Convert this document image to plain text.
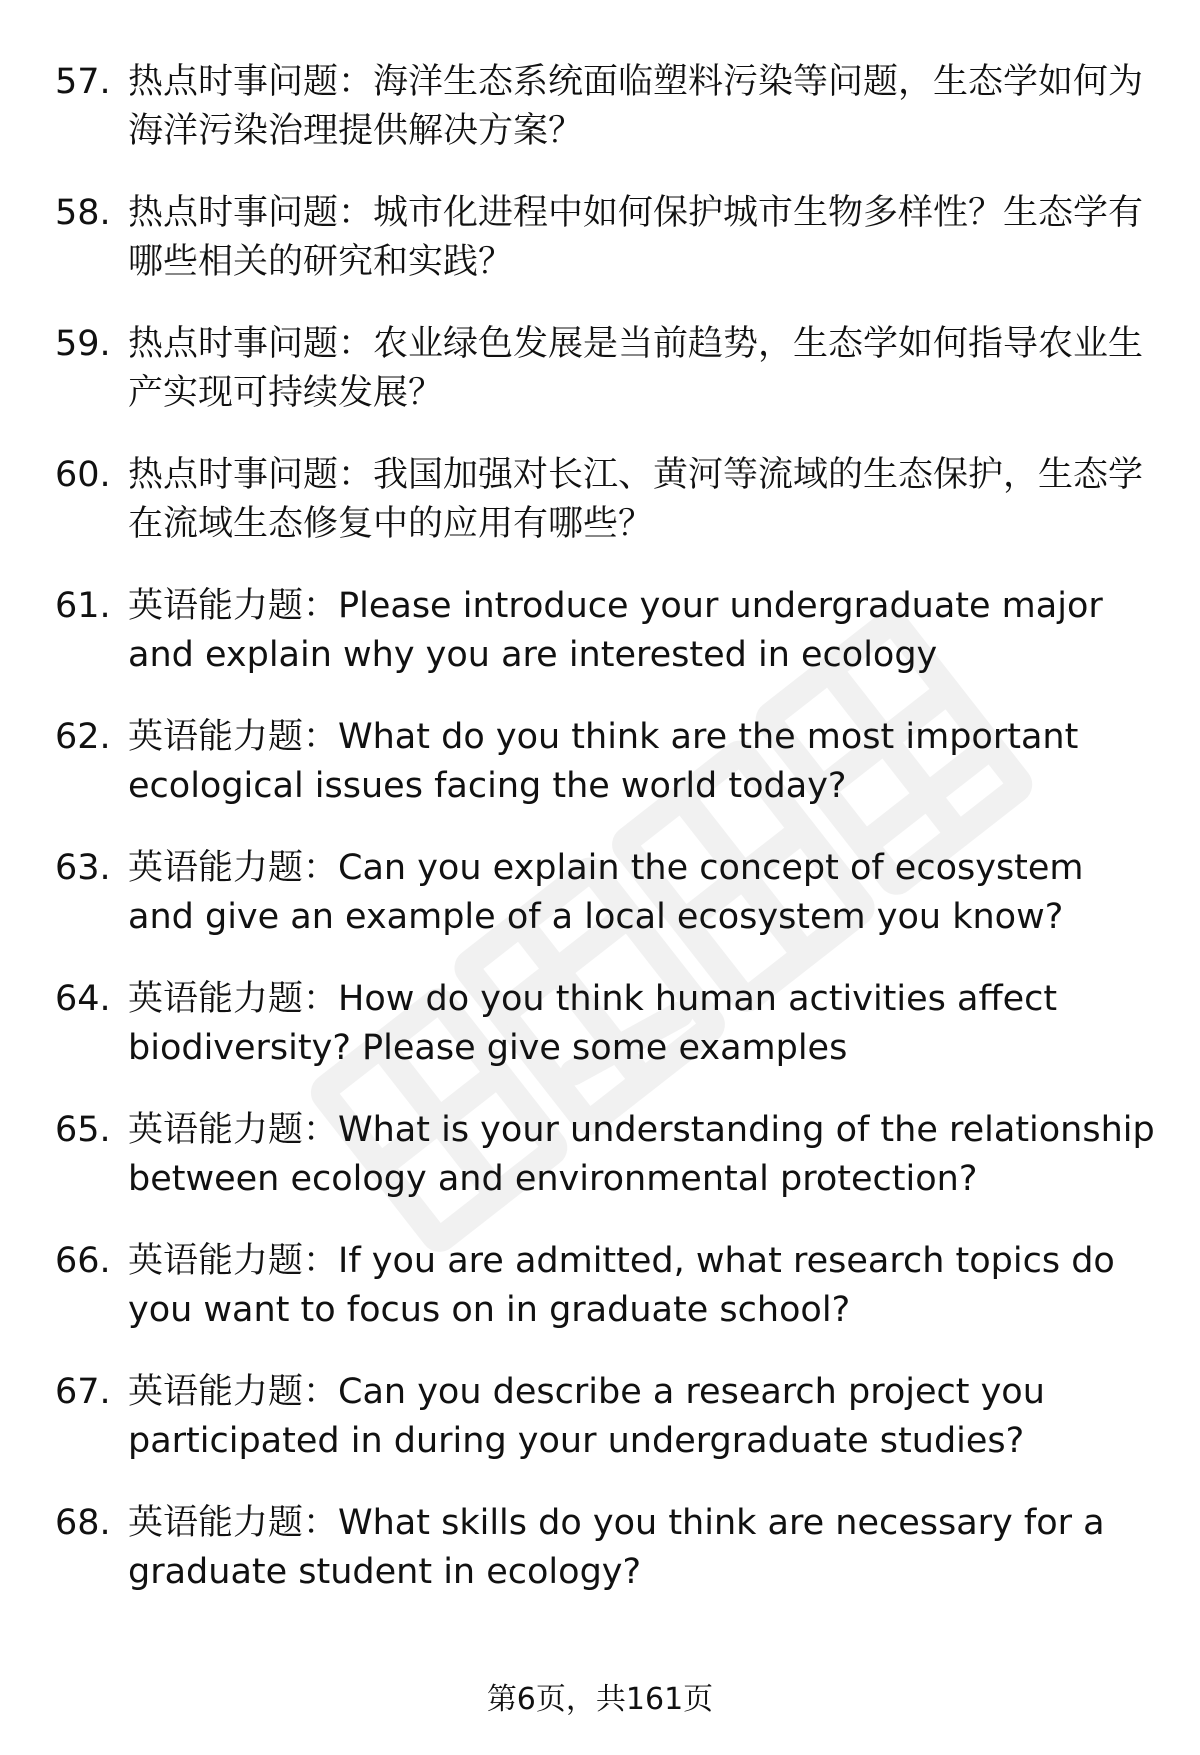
57. 热点时事问题：海洋生态系统面临塑料污染等问题，生态学如何为海洋污染治理提供解决方案？
58. 热点时事问题：城市化进程中如何保护城市生物多样性？生态学有哪些相关的研究和实践？
59. 热点时事问题：农业绿色发展是当前趋势，生态学如何指导农业生产实现可持续发展？
60. 热点时事问题：我国加强对长江、黄河等流域的生态保护，生态学在流域生态修复中的应用有哪些？
61. 英语能力题：Please introduce your undergraduate major and explain why you are interested in ecology
62. 英语能力题：What do you think are the most important ecological issues facing the world today?
63. 英语能力题：Can you explain the concept of ecosystem and give an example of a local ecosystem you know?
64. 英语能力题：How do you think human activities affect biodiversity? Please give some examples
65. 英语能力题：What is your understanding of the relationship between ecology and environmental protection?
66. 英语能力题：If you are admitted, what research topics do you want to focus on in graduate school?
67. 英语能力题：Can you describe a research project you participated in during your undergraduate studies?
68. 英语能力题：What skills do you think are necessary for a graduate student in ecology?
第6页，共161页
